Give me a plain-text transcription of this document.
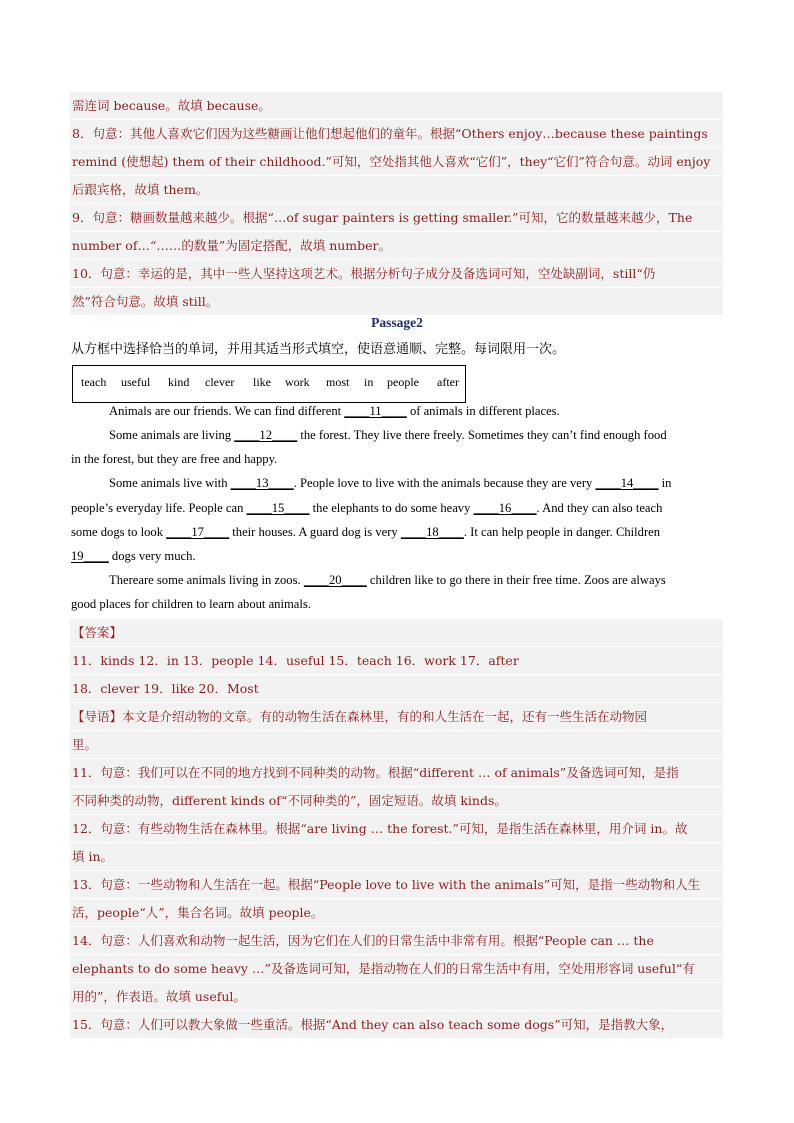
需连词 because。故填 because。
8．句意：其他人喜欢它们因为这些糖画让他们想起他们的童年。根据“Others enjoy…because these paintings
remind (使想起) them of their childhood.”可知，空处指其他人喜欢“它们”，they“它们”符合句意。动词 enjoy
后跟宾格，故填 them。
9．句意：糖画数量越来越少。根据“…of sugar painters is getting smaller.”可知，它的数量越来越少，The
number of…“……的数量”为固定搭配，故填 number。
10．句意：幸运的是，其中一些人坚持这项艺术。根据分析句子成分及备选词可知，空处缺副词，still“仍
然”符合句意。故填 still。
Passage2
从方框中选择恰当的单词，并用其适当形式填空，使语意通顺、完整。每词限用一次。
teach useful kind clever like work most in people after
Animals are our friends. We can find different ____11____ of animals in different places.
Some animals are living ____12____ the forest. They live there freely. Sometimes they can’t find enough food
in the forest, but they are free and happy.
Some animals live with ____13____. People love to live with the animals because they are very ____14____ in
people’s everyday life. People can ____15____ the elephants to do some heavy ____16____. And they can also teach
some dogs to look ____17____ their houses. A guard dog is very ____18____. It can help people in danger. Children
19____ dogs very much.
Thereare some animals living in zoos. ____20____ children like to go there in their free time. Zoos are always
good places for children to learn about animals.
【答案】
11．kinds 12．in 13．people 14．useful 15．teach 16．work 17．after
18．clever 19．like 20．Most
【导语】本文是介绍动物的文章。有的动物生活在森林里，有的和人生活在一起，还有一些生活在动物园
里。
11．句意：我们可以在不同的地方找到不同种类的动物。根据“different … of animals”及备选词可知，是指
不同种类的动物，different kinds of“不同种类的”，固定短语。故填 kinds。
12．句意：有些动物生活在森林里。根据“are living … the forest.”可知，是指生活在森林里，用介词 in。故
填 in。
13．句意：一些动物和人生活在一起。根据“People love to live with the animals”可知，是指一些动物和人生
活，people“人”，集合名词。故填 people。
14．句意：人们喜欢和动物一起生活，因为它们在人们的日常生活中非常有用。根据“People can … the
elephants to do some heavy …”及备选词可知，是指动物在人们的日常生活中有用，空处用形容词 useful“有
用的”，作表语。故填 useful。
15．句意：人们可以教大象做一些重活。根据“And they can also teach some dogs”可知，是指教大象，
